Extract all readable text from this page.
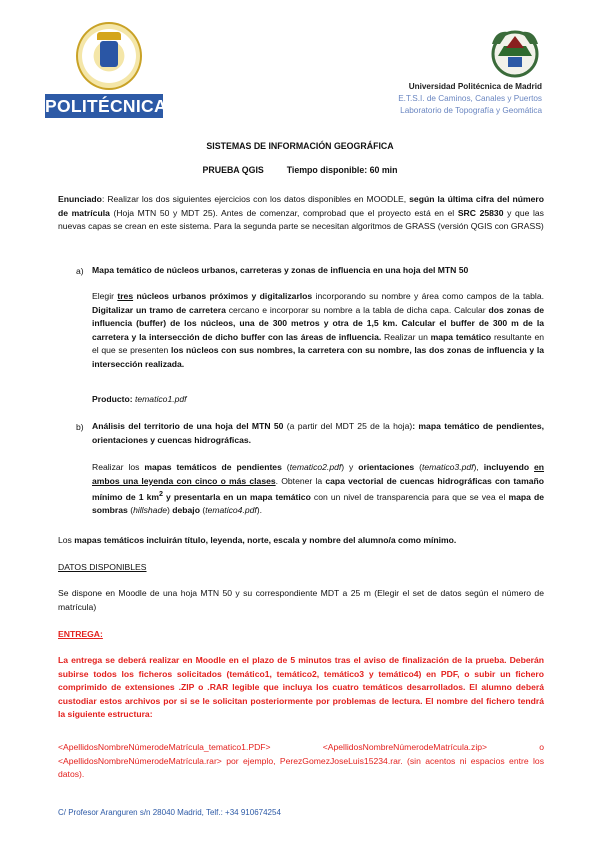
POLITÉCNICA
Universidad Politécnica de Madrid
E.T.S.I. de Caminos, Canales y Puertos
Laboratorio de Topografía y Geomática
SISTEMAS DE INFORMACIÓN GEOGRÁFICA
PRUEBA QGIS	Tiempo disponible: 60 min

Enunciado: Realizar los dos siguientes ejercicios con los datos disponibles en MOODLE, según la última cifra del número de matrícula (Hoja MTN 50 y MDT 25). Antes de comenzar, comprobad que el proyecto está en el SRC 25830 y que las nuevas capas se crean en este sistema. Para la segunda parte se necesitan algoritmos de GRASS (versión QGIS con GRASS)

a) Mapa temático de núcleos urbanos, carreteras y zonas de influencia en una hoja del MTN 50

Elegir tres núcleos urbanos próximos y digitalizarlos incorporando su nombre y área como campos de la tabla. Digitalizar un tramo de carretera cercano e incorporar su nombre a la tabla de dicha capa. Calcular dos zonas de influencia (buffer) de los núcleos, una de 300 metros y otra de 1,5 km. Calcular el buffer de 300 m de la carretera y la intersección de dicho buffer con las áreas de influencia. Realizar un mapa temático resultante en el que se presenten los núcleos con sus nombres, la carretera con su nombre, las dos zonas de influencia y la intersección realizada.

Producto: tematico1.pdf

b) Análisis del territorio de una hoja del MTN 50 (a partir del MDT 25 de la hoja): mapa temático de pendientes, orientaciones y cuencas hidrográficas.

Realizar los mapas temáticos de pendientes (tematico2.pdf) y orientaciones (tematico3.pdf), incluyendo en ambos una leyenda con cinco o más clases. Obtener la capa vectorial de cuencas hidrográficas con tamaño mínimo de 1 $km^2$ y presentarla en un mapa temático con un nivel de transparencia para que se vea el mapa de sombras (hillshade) debajo (tematico4.pdf).

Los mapas temáticos incluirán título, leyenda, norte, escala y nombre del alumno/a como mínimo.

DATOS DISPONIBLES

Se dispone en Moodle de una hoja MTN 50 y su correspondiente MDT a 25 m (Elegir el set de datos según el número de matrícula)

ENTREGA:

La entrega se deberá realizar en Moodle en el plazo de 5 minutos tras el aviso de finalización de la prueba. Deberán subirse todos los ficheros solicitados (temático1, temático2, temático3 y temático4) en PDF, o subir un fichero comprimido de extensiones .ZIP o .RAR legible que incluya los cuatro temáticos desarrollados. El alumno deberá custodiar estos archivos por si se le solicitan posteriormente por problemas de lectura. El nombre del fichero tendrá la siguiente estructura:

<ApellidosNombreNúmerodeMatrícula_tematico1.PDF> <ApellidosNombreNúmerodeMatrícula.zip> o <ApellidosNombreNúmerodeMatrícula.rar> por ejemplo, PerezGomezJoseLuis15234.rar. (sin acentos ni espacios entre los datos).

C/ Profesor Aranguren s/n 28040 Madrid, Telf.: +34 910674254
